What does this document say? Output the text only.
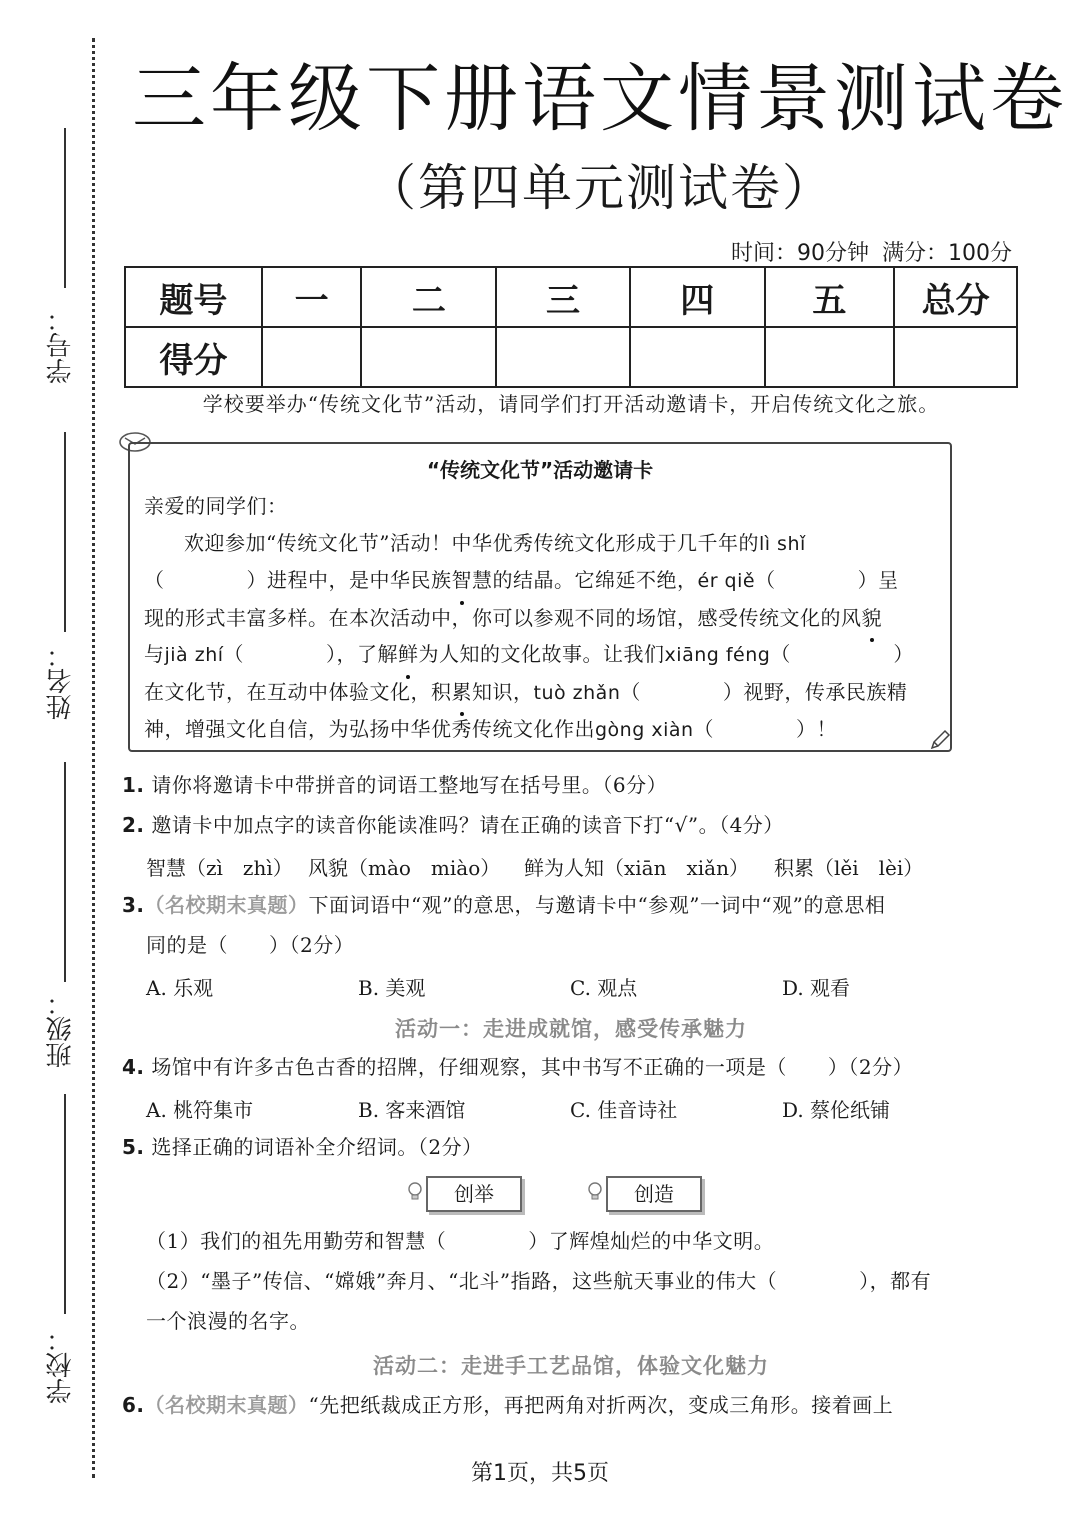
学号：
姓名：
班级：
学校：
三年级下册语文情景测试卷
（第四单元测试卷）
时间：90分钟 满分：100分
题号	一	二	三	四	五	总分
得分						
学校要举办“传统文化节”活动，请同学们打开活动邀请卡，开启传统文化之旅。
“传统文化节”活动邀请卡

亲爱的同学们：

欢迎参加“传统文化节”活动！中华优秀传统文化形成于几千年的lì shǐ

（　　　　）进程中，是中华民族智慧的结晶。它绵延不绝，ér qiě（　　　　）呈

现的形式丰富多样。在本次活动中，你可以参观不同的场馆，感受传统文化的风貌

与jià zhí（　　　　），了解鲜为人知的文化故事。让我们xiāng féng（　　　　　）

在文化节，在互动中体验文化，积累知识，tuò zhǎn（　　　　）视野，传承民族精

神，增强文化自信，为弘扬中华优秀传统文化作出gòng xiàn（　　　　）！

1. 请你将邀请卡中带拼音的词语工整地写在括号里。（6分）
2. 邀请卡中加点字的读音你能读准吗？请在正确的读音下打“√”。（4分）
智慧（zì　zhì） 风貌（mào　miào） 鲜为人知（xiān　xiǎn） 积累（lěi　lèi）
3.（名校期末真题）下面词语中“观”的意思，与邀请卡中“参观”一词中“观”的意思相
同的是（　　）（2分）
A. 乐观	B. 美观	C. 观点	D. 观看
活动一：走进成就馆，感受传承魅力
4. 场馆中有许多古色古香的招牌，仔细观察，其中书写不正确的一项是（　　）（2分）
A. 桃符集市	B. 客来酒馆	C. 佳音诗社	D. 蔡伦纸铺
5. 选择正确的词语补全介绍词。（2分）
创举	创造
（1）我们的祖先用勤劳和智慧（　　　　）了辉煌灿烂的中华文明。
（2）“墨子”传信、“嫦娥”奔月、“北斗”指路，这些航天事业的伟大（　　　　），都有
一个浪漫的名字。
活动二：走进手工艺品馆，体验文化魅力
6.（名校期末真题）“先把纸裁成正方形，再把两角对折两次，变成三角形。接着画上
第1页，共5页
